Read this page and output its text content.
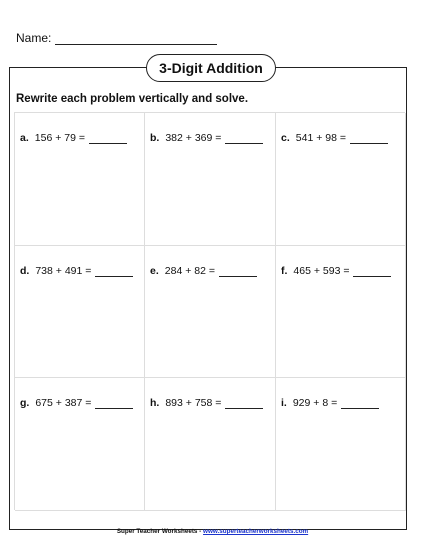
Name:
3-Digit Addition
Rewrite each problem vertically and solve.
a. 156 + 79 =	b. 382 + 369 =	c. 541 + 98 =
d. 738 + 491 =	e. 284 + 82 =	f. 465 + 593 =
g. 675 + 387 =	h. 893 + 758 =	i. 929 + 8 =
Super Teacher Worksheets - www.superteacherworksheets.com
